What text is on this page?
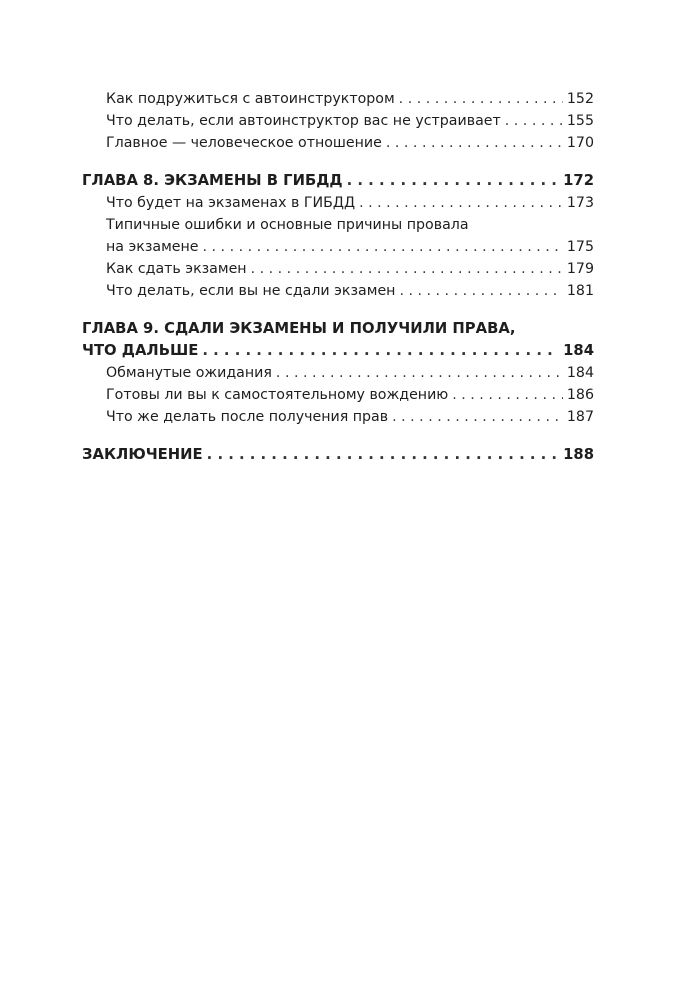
Как подружиться с автоинструктором . . .	152
Что делать, если автоинструктор вас не устраивает . . .	155
Главное — человеческое отношение . . .	170
ГЛАВА 8. ЭКЗАМЕНЫ В ГИБДД . . .	172
Что будет на экзаменах в ГИБДД . . .	173
Типичные ошибки и основные причины провала
на экзамене . . .	175
Как сдать экзамен . . .	179
Что делать, если вы не сдали экзамен . . .	181
ГЛАВА 9. СДАЛИ ЭКЗАМЕНЫ И ПОЛУЧИЛИ ПРАВА,
ЧТО ДАЛЬШЕ . . .	184
Обманутые ожидания . . .	184
Готовы ли вы к самостоятельному вождению . . .	186
Что же делать после получения прав . . .	187
ЗАКЛЮЧЕНИЕ . . .	188
